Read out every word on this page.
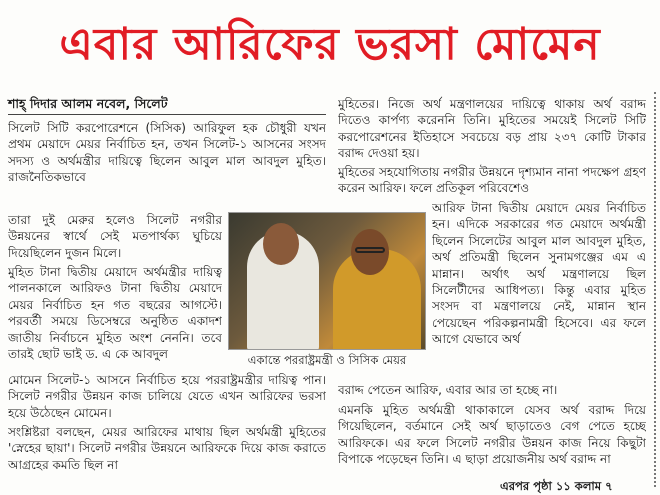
এবার আরিফের ভরসা মোমেন
শাহ্ দিদার আলম নবেল, সিলেট
সিলেট সিটি করপোরেশনে (সিসিক) আরিফুল হক চৌধুরী যখন প্রথম মেয়াদে মেয়র নির্বাচিত হন, তখন সিলেট-১ আসনের সংসদ সদস্য ও অর্থমন্ত্রীর দায়িত্বে ছিলেন আবুল মাল আবদুল মুহিত। রাজনৈতিকভাবে
তারা দুই মেরুর হলেও সিলেট নগরীর উন্নয়নের স্বার্থে সেই মতপার্থক্য ঘুচিয়ে দিয়েছিলেন দুজন মিলে।
মুহিত টানা দ্বিতীয় মেয়াদে অর্থমন্ত্রীর দায়িত্ব পালনকালে আরিফও টানা দ্বিতীয় মেয়াদে মেয়র নির্বাচিত হন গত বছরের আগস্টে। পরবর্তী সময়ে ডিসেম্বরে অনুষ্ঠিত একাদশ জাতীয় নির্বাচনে মুহিত অংশ নেননি। তবে তারই ছোট ভাই ড. এ কে আবদুল
মোমেন সিলেট-১ আসনে নির্বাচিত হয়ে পররাষ্ট্রমন্ত্রীর দায়িত্ব পান। সিলেট নগরীর উন্নয়ন কাজ চালিয়ে যেতে এখন আরিফের ভরসা হয়ে উঠেছেন মোমেন।
সংশ্লিষ্টরা বলছেন, মেয়র আরিফের মাথায় ছিল অর্থমন্ত্রী মুহিতের 'স্নেহের ছায়া'। সিলেট নগরীর উন্নয়নে আরিফকে দিয়ে কাজ করাতে আগ্রহের কমতি ছিল না
একান্তে পররাষ্ট্রমন্ত্রী ও সিসিক মেয়র
মুহিতের। নিজে অর্থ মন্ত্রণালয়ের দায়িত্বে থাকায় অর্থ বরাদ্দ দিতেও কার্পণ্য করেননি তিনি। মুহিতের সময়েই সিলেট সিটি করপোরেশনের ইতিহাসে সবচেয়ে বড় প্রায় ২৩৭ কোটি টাকার বরাদ্দ দেওয়া হয়।
মুহিতের সহযোগিতায় নগরীর উন্নয়নে দৃশ্যমান নানা পদক্ষেপ গ্রহণ করেন আরিফ। ফলে প্রতিকূল পরিবেশেও
আরিফ টানা দ্বিতীয় মেয়াদে মেয়র নির্বাচিত হন। এদিকে সরকারের গত মেয়াদে অর্থমন্ত্রী ছিলেন সিলেটের আবুল মাল আবদুল মুহিত, অর্থ প্রতিমন্ত্রী ছিলেন সুনামগঞ্জের এম এ মান্নান। অর্থাৎ অর্থ মন্ত্রণালয়ে ছিল সিলেটীদের আধিপত্য। কিন্তু এবার মুহিত সংসদ বা মন্ত্রণালয়ে নেই, মান্নান স্থান পেয়েছেন পরিকল্পনামন্ত্রী হিসেবে। এর ফলে আগে যেভাবে অর্থ
বরাদ্দ পেতেন আরিফ, এবার আর তা হচ্ছে না।
এমনকি মুহিত অর্থমন্ত্রী থাকাকালে যেসব অর্থ বরাদ্দ দিয়ে গিয়েছিলেন, বর্তমানে সেই অর্থ ছাড়াতেও বেগ পেতে হচ্ছে আরিফকে। এর ফলে সিলেট নগরীর উন্নয়ন কাজ নিয়ে কিছুটা বিপাকে পড়েছেন তিনি। এ ছাড়া প্রয়োজনীয় অর্থ বরাদ্দ না
এরপর পৃষ্ঠা ১১ কলাম ৭
